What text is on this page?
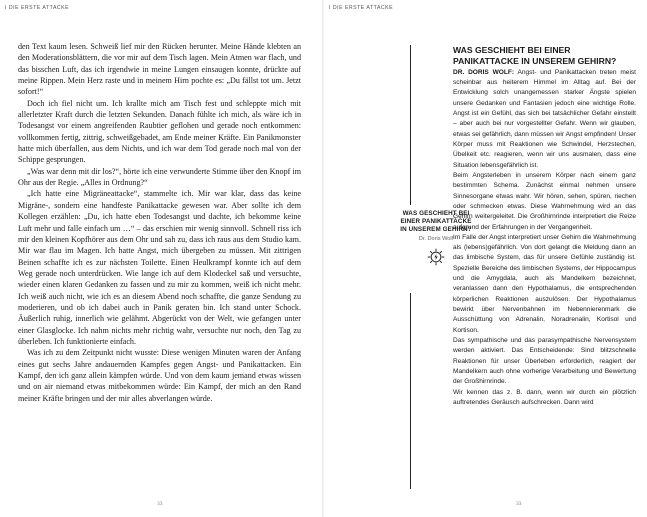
I DIE ERSTE ATTACKE

den Text kaum lesen. Schweiß lief mir den Rücken herunter. Meine Hände klebten an den Moderationsblättern, die vor mir auf dem Tisch lagen. Mein Atmen war flach, und das bisschen Luft, das ich irgendwie in meine Lungen einsaugen konnte, drückte auf meine Rippen. Mein Herz raste und in meinem Hirn pochte es: „Du fällst tot um. Jetzt sofort!“

Doch ich fiel nicht um. Ich krallte mich am Tisch fest und schleppte mich mit allerletzter Kraft durch die letzten Sekunden. Danach fühlte ich mich, als wäre ich in Todesangst vor einem angreifenden Raubtier geflohen und gerade noch entkommen: vollkommen fertig, zittrig, schweißgebadet, am Ende meiner Kräfte. Ein Panikmonster hatte mich überfallen, aus dem Nichts, und ich war dem Tod gerade noch mal von der Schippe gesprungen.

„Was war denn mit dir los?“, hörte ich eine verwunderte Stimme über den Knopf im Ohr aus der Regie. „Alles in Ordnung?“

„Ich hatte eine Migräneattacke“, stammelte ich. Mir war klar, dass das keine Migräne-, sondern eine handfeste Panikattacke gewesen war. Aber sollte ich dem Kollegen erzählen: „Du, ich hatte eben Todesangst und dachte, ich bekomme keine Luft mehr und falle einfach um …“ – das erschien mir wenig sinnvoll. Schnell riss ich mir den kleinen Kopfhörer aus dem Ohr und sah zu, dass ich raus aus dem Studio kam. Mir war flau im Magen. Ich hatte Angst, mich übergeben zu müssen. Mit zittrigen Beinen schaffte ich es zur nächsten Toilette. Einen Heulkrampf konnte ich auf dem Weg gerade noch unterdrücken. Wie lange ich auf dem Klodeckel saß und versuchte, wieder einen klaren Gedanken zu fassen und zu mir zu kommen, weiß ich nicht mehr. Ich weiß auch nicht, wie ich es an diesem Abend noch schaffte, die ganze Sendung zu moderieren, und ob ich dabei auch in Panik geraten bin. Ich stand unter Schock. Äußerlich ruhig, innerlich wie gelähmt. Abgerückt von der Welt, wie gefangen unter einer Glasglocke. Ich nahm nichts mehr richtig wahr, versuchte nur noch, den Tag zu überleben. Ich funktionierte einfach.

Was ich zu dem Zeitpunkt nicht wusste: Diese wenigen Minuten waren der Anfang eines gut sechs Jahre andauernden Kampfes gegen Angst- und Panikattacken. Ein Kampf, den ich ganz allein kämpfen würde. Und von dem kaum jemand etwas wissen und on air niemand etwas mitbekommen würde: Ein Kampf, der mich an den Rand meiner Kräfte bringen und der mir alles abverlangen würde.

33
I DIE ERSTE ATTACKE
WAS GESCHIEHT BEI EINER PANIKATTACKE IN UNSEREM GEHIRN?
Dr. Doris Wolf
WAS GESCHIEHT BEI EINER PANIKATTACKE IN UNSEREM GEHIRN?

DR. DORIS WOLF: Angst- und Panikattacken treten meist scheinbar aus heiterem Himmel im Alltag auf. Bei der Entwicklung solch unangemessen starker Ängste spielen unsere Gedanken und Fantasien jedoch eine wichtige Rolle. Angst ist ein Gefühl, das sich bei tatsächlicher Gefahr einstellt – aber auch bei nur vorgestellter Gefahr. Wenn wir glauben, etwas sei gefährlich, dann müssen wir Angst empfinden! Unser Körper muss mit Reaktionen wie Schwindel, Herzstechen, Übelkeit etc. reagieren, wenn wir uns ausmalen, dass eine Situation lebensgefährlich ist.

Beim Angsterleben in unserem Körper nach einem ganz bestimmten Schema. Zunächst einmal nehmen unsere Sinnesorgane etwas wahr. Wir hören, sehen, spüren, riechen oder schmecken etwas. Diese Wahrnehmung wird an das Gehirn weitergeleitet. Die Großhirnrinde interpretiert die Reize aufgrund der Erfahrungen in der Vergangenheit.

Im Falle der Angst interpretiert unser Gehirn die Wahrnehmung als (lebens)gefährlich. Von dort gelangt die Meldung dann an das limbische System, das für unsere Gefühle zuständig ist. Spezielle Bereiche des limbischen Systems, der Hippocampus und die Amygdala, auch als Mandelkern bezeichnet, veranlassen dann den Hypothalamus, die entsprechenden körperlichen Reaktionen auszulösen. Der Hypothalamus bewirkt über Nervenbahnen im Nebennierenmark die Ausschüttung von Adrenalin, Noradrenalin, Kortisol und Kortison.

Das sympathische und das parasympathische Nervensystem werden aktiviert. Das Entscheidende: Sind blitzschnelle Reaktionen für unser Überleben erforderlich, reagiert der Mandelkern auch ohne vorherige Verarbeitung und Bewertung der Großhirnrinde.

Wir kennen das z. B. dann, wenn wir durch ein plötzlich auftretendes Geräusch aufschrecken. Dann wird

33
